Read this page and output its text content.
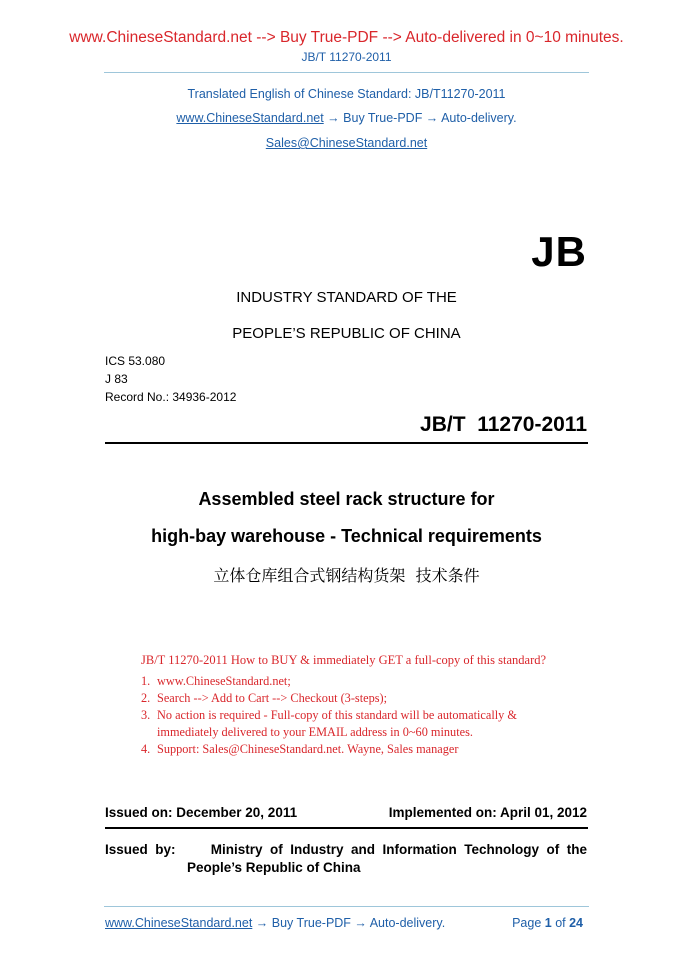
www.ChineseStandard.net --> Buy True-PDF --> Auto-delivered in 0~10 minutes.
JB/T 11270-2011
Translated English of Chinese Standard: JB/T11270-2011
www.ChineseStandard.net → Buy True-PDF → Auto-delivery.
Sales@ChineseStandard.net
JB
INDUSTRY STANDARD OF THE
PEOPLE’S REPUBLIC OF CHINA
ICS 53.080
J 83
Record No.: 34936-2012
JB/T  11270-2011
Assembled steel rack structure for
high-bay warehouse - Technical requirements
立体仓库组合式钢结构货架  技术条件
JB/T 11270-2011 How to BUY & immediately GET a full-copy of this standard?
1. www.ChineseStandard.net;
2. Search --> Add to Cart --> Checkout (3-steps);
3. No action is required - Full-copy of this standard will be automatically & immediately delivered to your EMAIL address in 0~60 minutes.
4. Support: Sales@ChineseStandard.net. Wayne, Sales manager
Issued on: December 20, 2011	Implemented on: April 01, 2012
Issued  by:	Ministry  of  Industry  and  Information  Technology  of  the
People’s Republic of China
www.ChineseStandard.net → Buy True-PDF → Auto-delivery.	Page 1 of 24
